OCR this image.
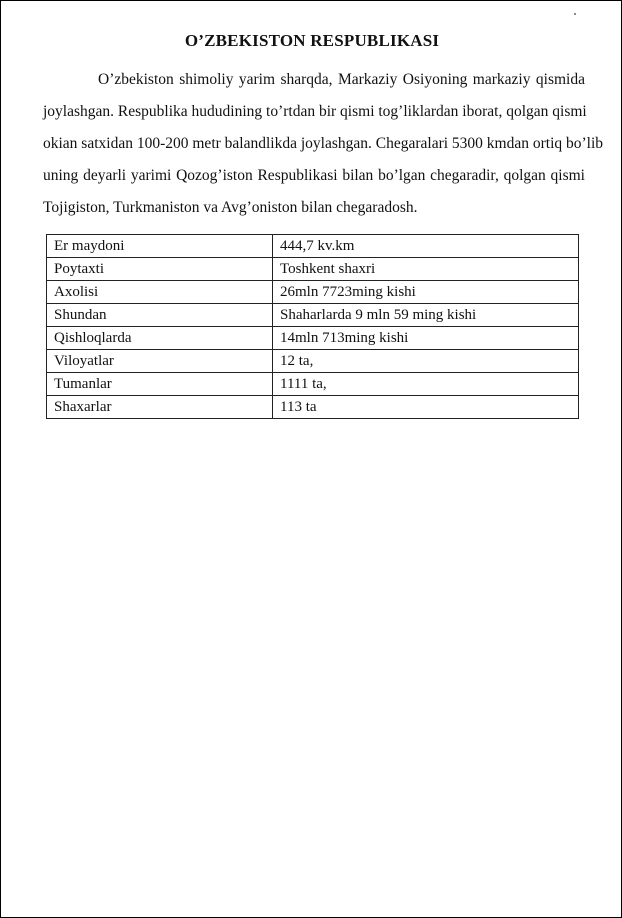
O’ZBEKISTON RESPUBLIKASI
O’zbekiston shimoliy yarim sharqda, Markaziy Osiyoning markaziy qismida
joylashgan. Respublika hududining to’rtdan bir qismi tog’liklardan iborat, qolgan qismi
okian satxidan 100-200 metr balandlikda joylashgan. Chegaralari 5300 kmdan ortiq bo’lib
uning deyarli yarimi Qozog’iston Respublikasi bilan bo’lgan chegaradir, qolgan qismi
Tojigiston, Turkmaniston va Avg’oniston bilan chegaradosh.
Er maydoni	444,7 kv.km
Poytaxti	Toshkent shaxri
Axolisi	26mln 7723ming kishi
Shundan	Shaharlarda 9 mln 59 ming kishi
Qishloqlarda	14mln 713ming kishi
Viloyatlar	12 ta,
Tumanlar	1111 ta,
Shaxarlar	113 ta
